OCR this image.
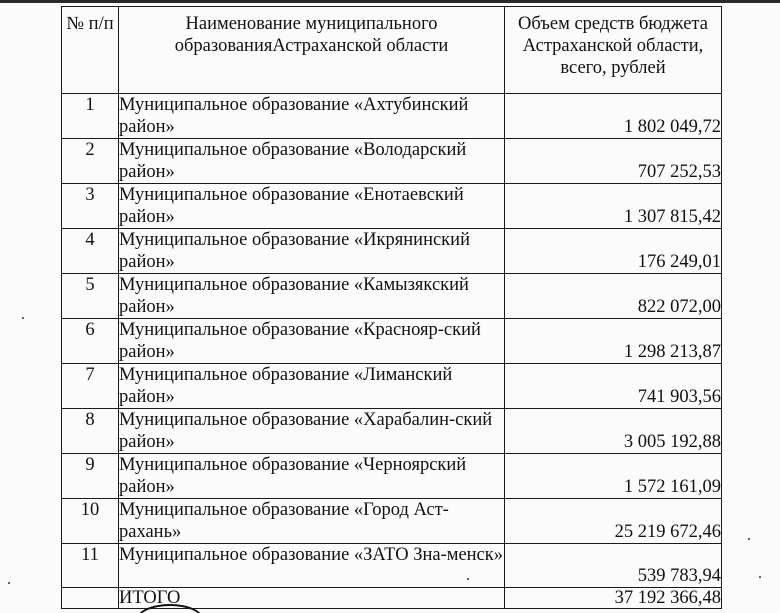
№ п/п	Наименование муниципального образованияАстраханской области	Объем средств бюджета Астраханской области, всего, рублей
1	Муниципальное образование «Ахтубинский район»	1 802 049,72
2	Муниципальное образование «Володарский район»	707 252,53
3	Муниципальное образование «Енотаевский район»	1 307 815,42
4	Муниципальное образование «Икрянинский район»	176 249,01
5	Муниципальное образование «Камызякский район»	822 072,00
6	Муниципальное образование «Краснояр-ский район»	1 298 213,87
7	Муниципальное образование «Лиманский район»	741 903,56
8	Муниципальное образование «Харабалин-ский район»	3 005 192,88
9	Муниципальное образование «Черноярский район»	1 572 161,09
10	Муниципальное образование «Город Аст-рахань»	25 219 672,46
11	Муниципальное образование «ЗАТО Зна-менск»	539 783,94
	ИТОГО	37 192 366,48
